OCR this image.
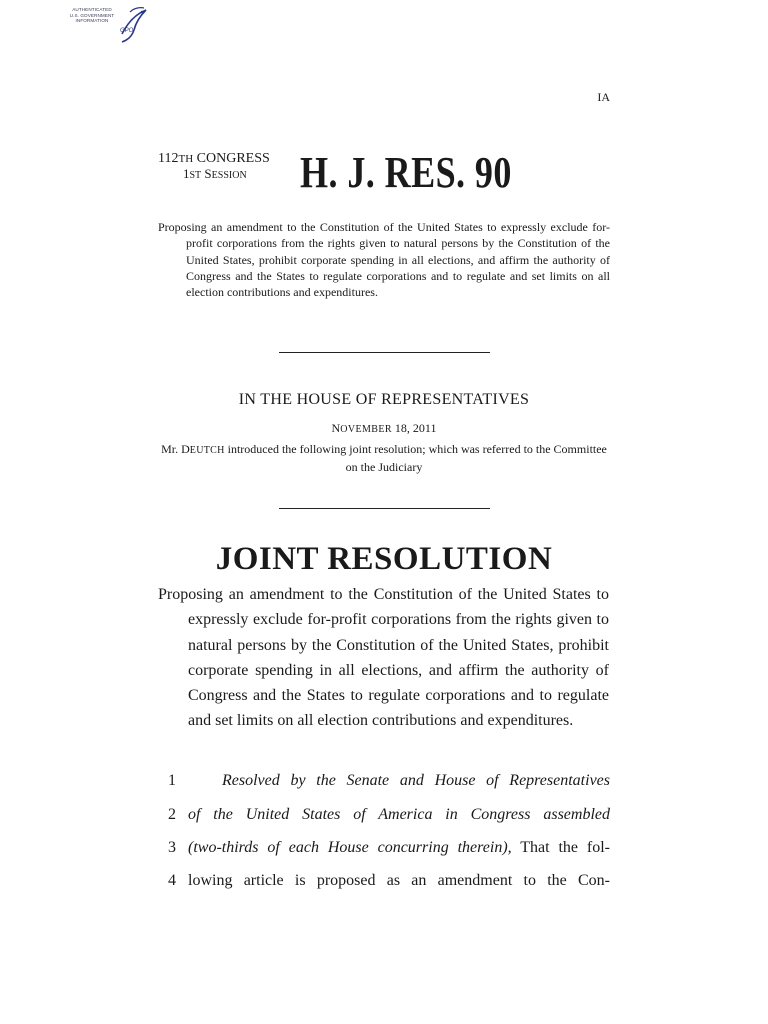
AUTHENTICATED
U.S. GOVERNMENT
INFORMATION
GPO
IA
112TH CONGRESS
1ST SESSION H. J. RES. 90
Proposing an amendment to the Constitution of the United States to expressly exclude for-profit corporations from the rights given to natural persons by the Constitution of the United States, prohibit corporate spending in all elections, and affirm the authority of Congress and the States to regulate corporations and to regulate and set limits on all election contributions and expenditures.
IN THE HOUSE OF REPRESENTATIVES
NOVEMBER 18, 2011
Mr. DEUTCH introduced the following joint resolution; which was referred to the Committee on the Judiciary
JOINT RESOLUTION
Proposing an amendment to the Constitution of the United States to expressly exclude for-profit corporations from the rights given to natural persons by the Constitution of the United States, prohibit corporate spending in all elections, and affirm the authority of Congress and the States to regulate corporations and to regulate and set limits on all election contributions and expenditures.
1	Resolved by the Senate and House of Representatives
2 of the United States of America in Congress assembled
3 (two-thirds of each House concurring therein), That the fol-
4 lowing article is proposed as an amendment to the Con-
